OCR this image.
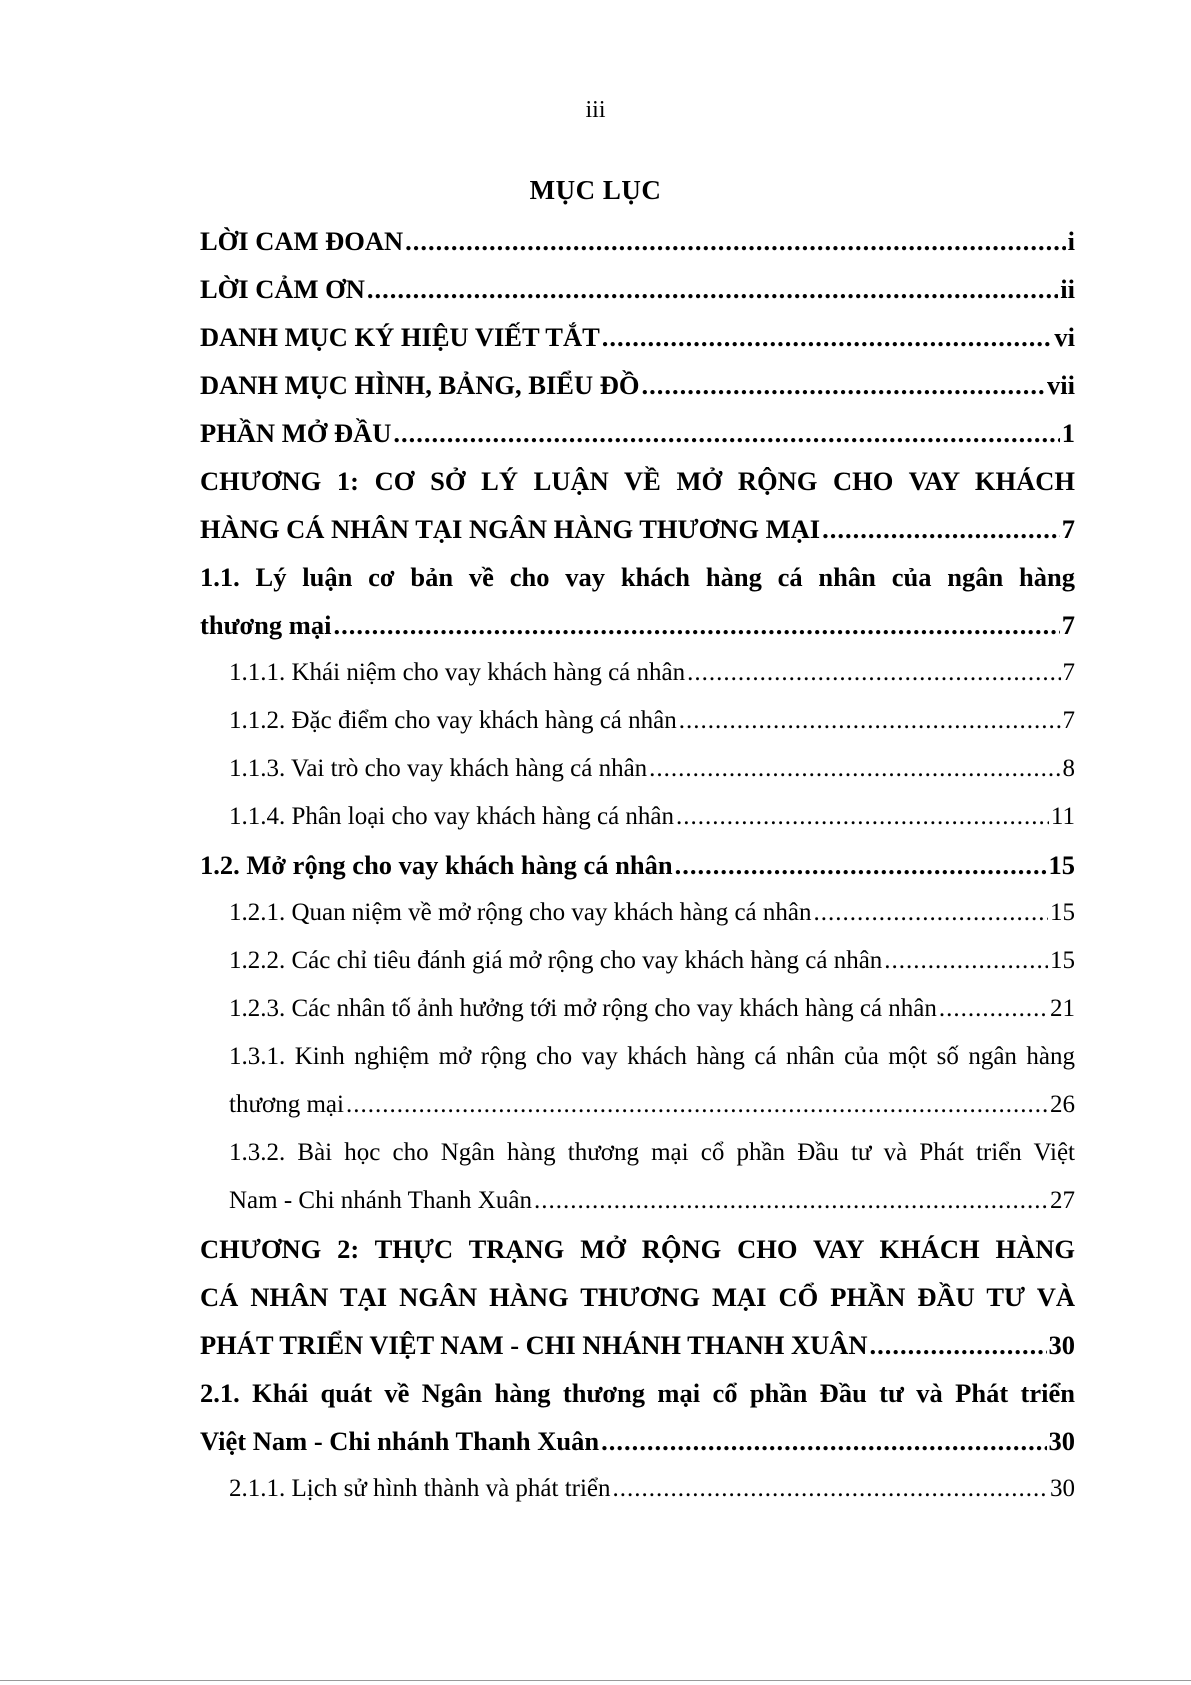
iii
MỤC LỤC
LỜI CAM ĐOAN .....	i
LỜI CẢM ƠN .....	ii
DANH MỤC KÝ HIỆU VIẾT TẮT .....	vi
DANH MỤC HÌNH, BẢNG, BIỂU ĐỒ .....	vii
PHẦN MỞ ĐẦU .....	1
CHƯƠNG 1: CƠ SỞ LÝ LUẬN VỀ MỞ RỘNG CHO VAY KHÁCH
HÀNG CÁ NHÂN TẠI NGÂN HÀNG THƯƠNG MẠI .....	7
1.1. Lý luận cơ bản về cho vay khách hàng cá nhân của ngân hàng
thương mại .....	7
1.1.1. Khái niệm cho vay khách hàng cá nhân .....	7
1.1.2. Đặc điểm cho vay khách hàng cá nhân .....	7
1.1.3. Vai trò cho vay khách hàng cá nhân .....	8
1.1.4. Phân loại cho vay khách hàng cá nhân .....	11
1.2. Mở rộng cho vay khách hàng cá nhân .....	15
1.2.1. Quan niệm về mở rộng cho vay khách hàng cá nhân .....	15
1.2.2. Các chỉ tiêu đánh giá mở rộng cho vay khách hàng cá nhân .....	15
1.2.3. Các nhân tố ảnh hưởng tới mở rộng cho vay khách hàng cá nhân .....	21
1.3.1. Kinh nghiệm mở rộng cho vay khách hàng cá nhân của một số ngân hàng
thương mại .....	26
1.3.2. Bài học cho Ngân hàng thương mại cổ phần Đầu tư và Phát triển Việt
Nam - Chi nhánh Thanh Xuân .....	27
CHƯƠNG 2: THỰC TRẠNG MỞ RỘNG CHO VAY KHÁCH HÀNG
CÁ NHÂN TẠI NGÂN HÀNG THƯƠNG MẠI CỔ PHẦN ĐẦU TƯ VÀ
PHÁT TRIỂN VIỆT NAM - CHI NHÁNH THANH XUÂN .....	30
2.1. Khái quát về Ngân hàng thương mại cổ phần Đầu tư và Phát triển
Việt Nam - Chi nhánh Thanh Xuân .....	30
2.1.1. Lịch sử hình thành và phát triển .....	30
